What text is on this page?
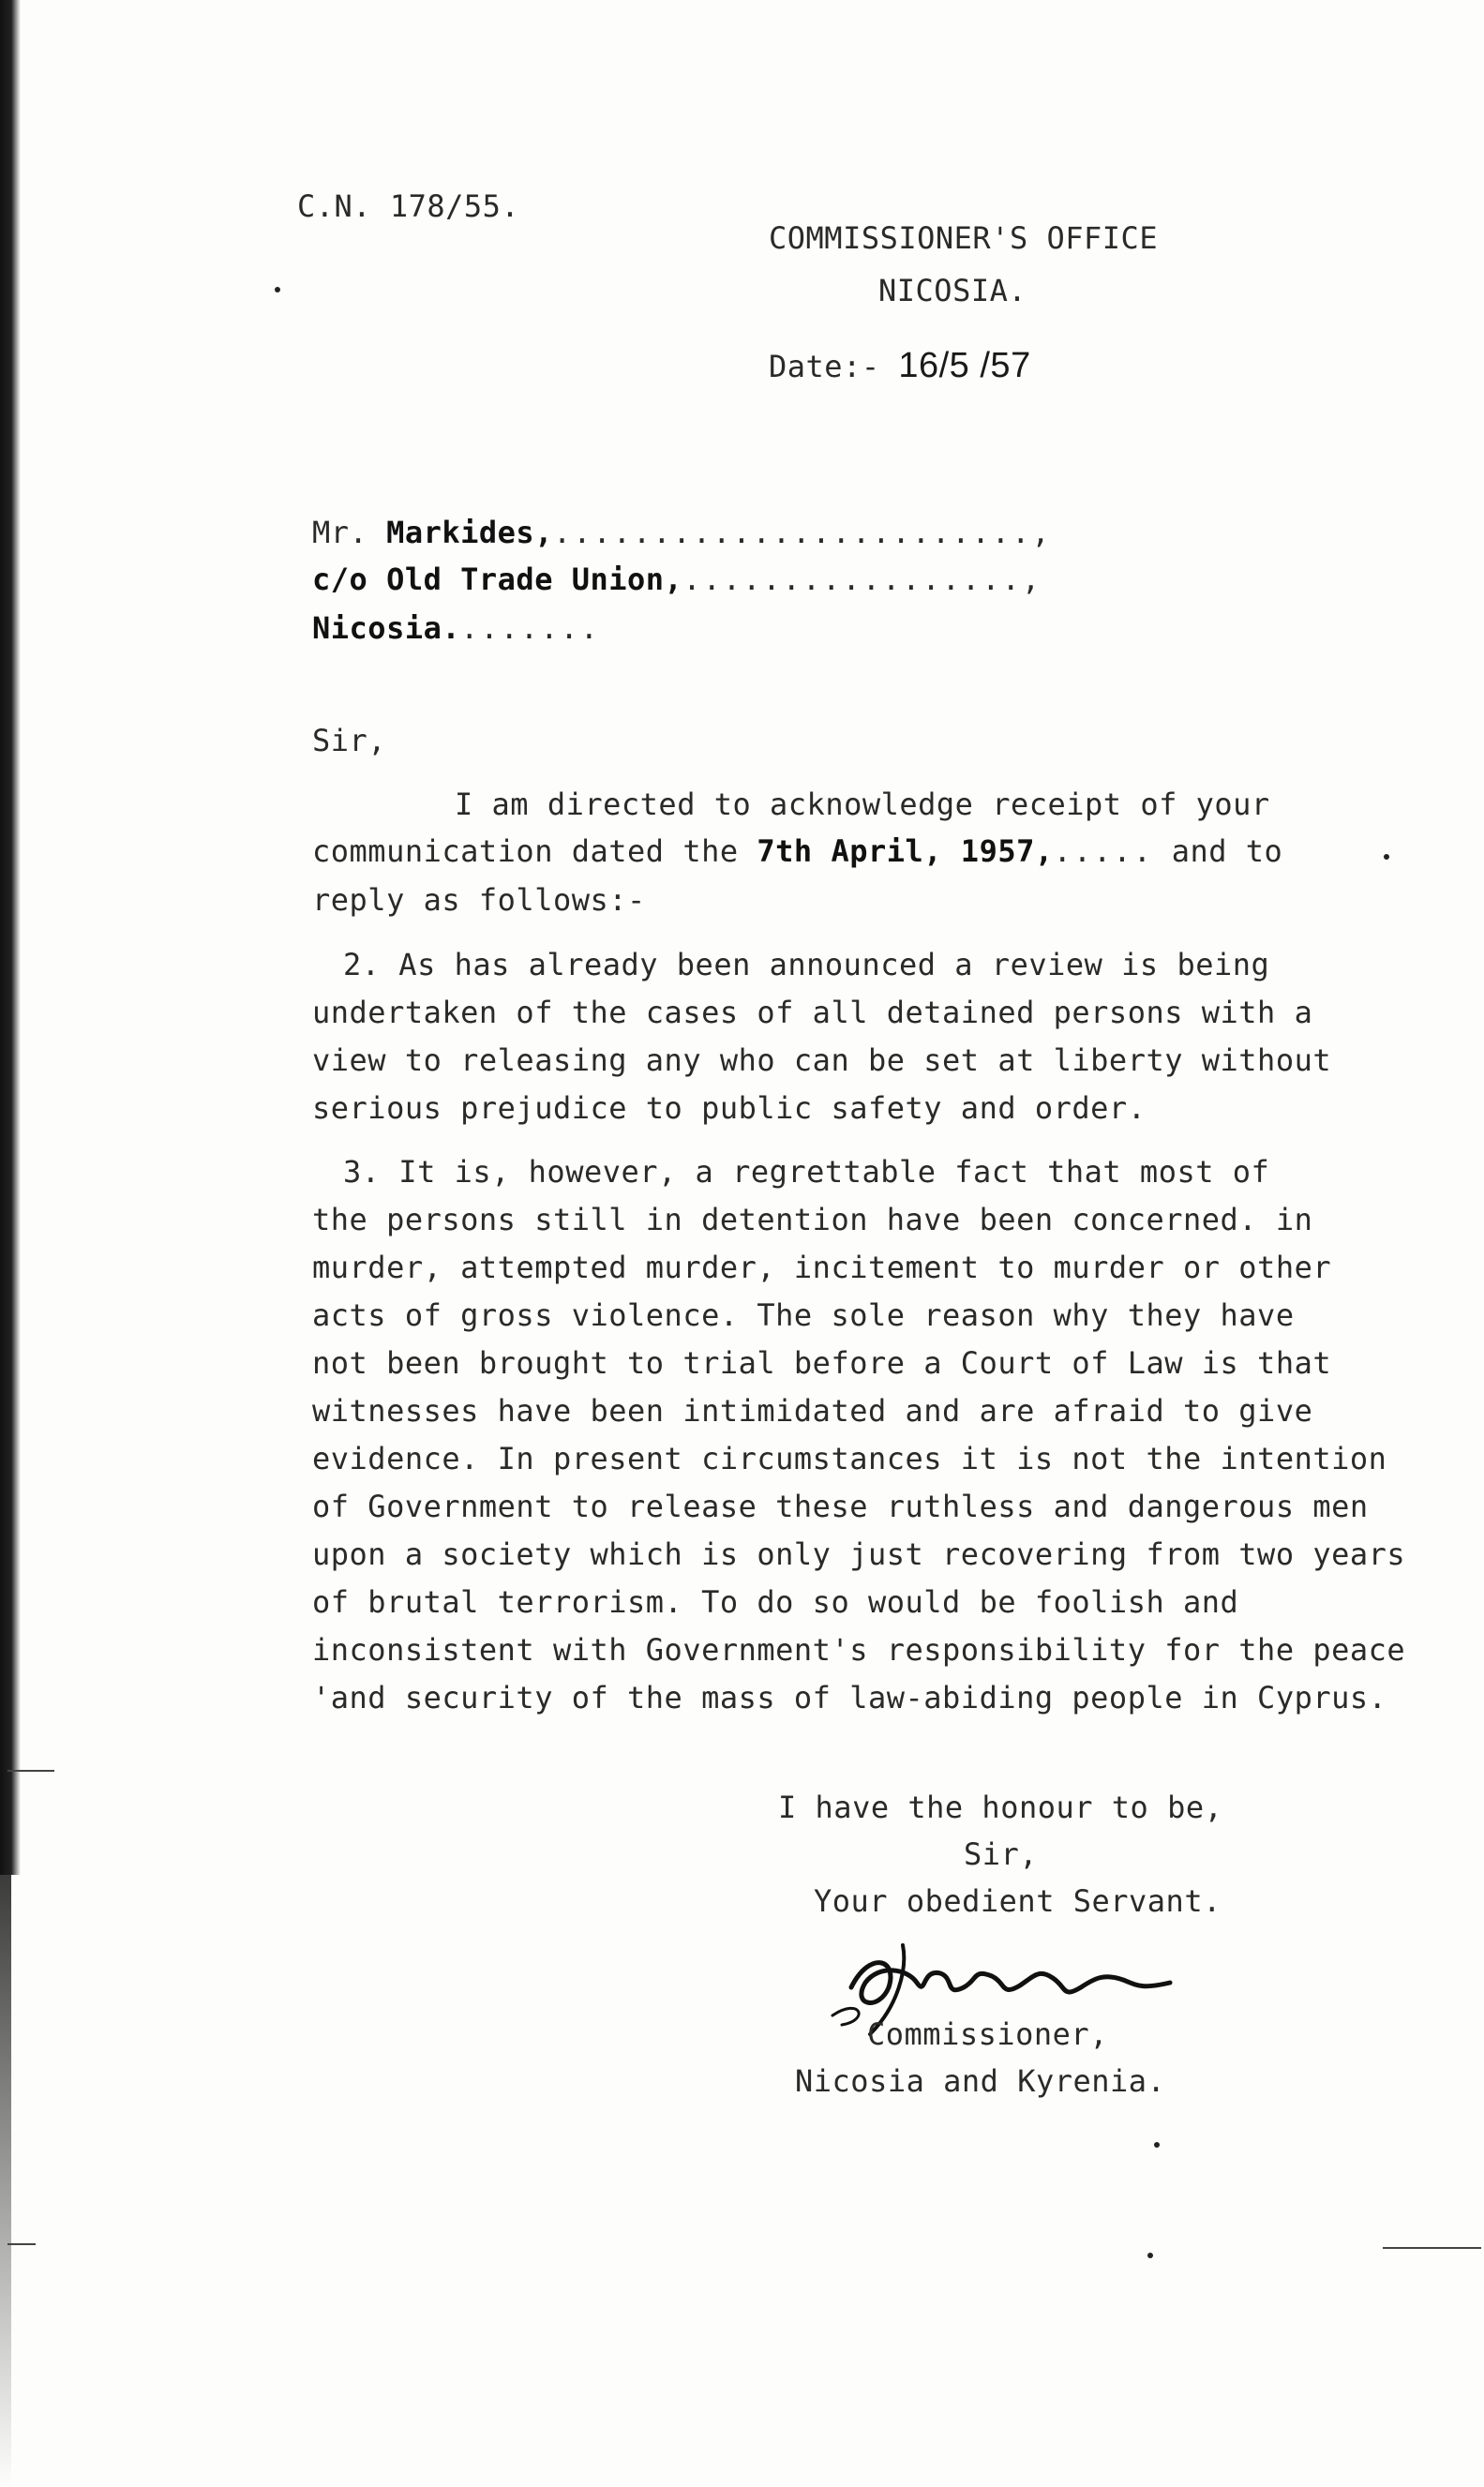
C.N. 178/55.
COMMISSIONER'S OFFICE
NICOSIA.
Date:- 16/5 /57
Mr. Markides,........................,
c/o Old Trade Union,.................,
Nicosia........
Sir,
I am directed to acknowledge receipt of your
communication dated the 7th April, 1957,..... and to
reply as follows:-
2. As has already been announced a review is being
undertaken of the cases of all detained persons with a
view to releasing any who can be set at liberty without
serious prejudice to public safety and order.
3. It is, however, a regrettable fact that most of
the persons still in detention have been concerned. in
murder, attempted murder, incitement to murder or other
acts of gross violence. The sole reason why they have
not been brought to trial before a Court of Law is that
witnesses have been intimidated and are afraid to give
evidence. In present circumstances it is not the intention
of Government to release these ruthless and dangerous men
upon a society which is only just recovering from two years
of brutal terrorism. To do so would be foolish and
inconsistent with Government's responsibility for the peace
'and security of the mass of law-abiding people in Cyprus.
I have the honour to be,
Sir,
Your obedient Servant.
Commissioner,
Nicosia and Kyrenia.
